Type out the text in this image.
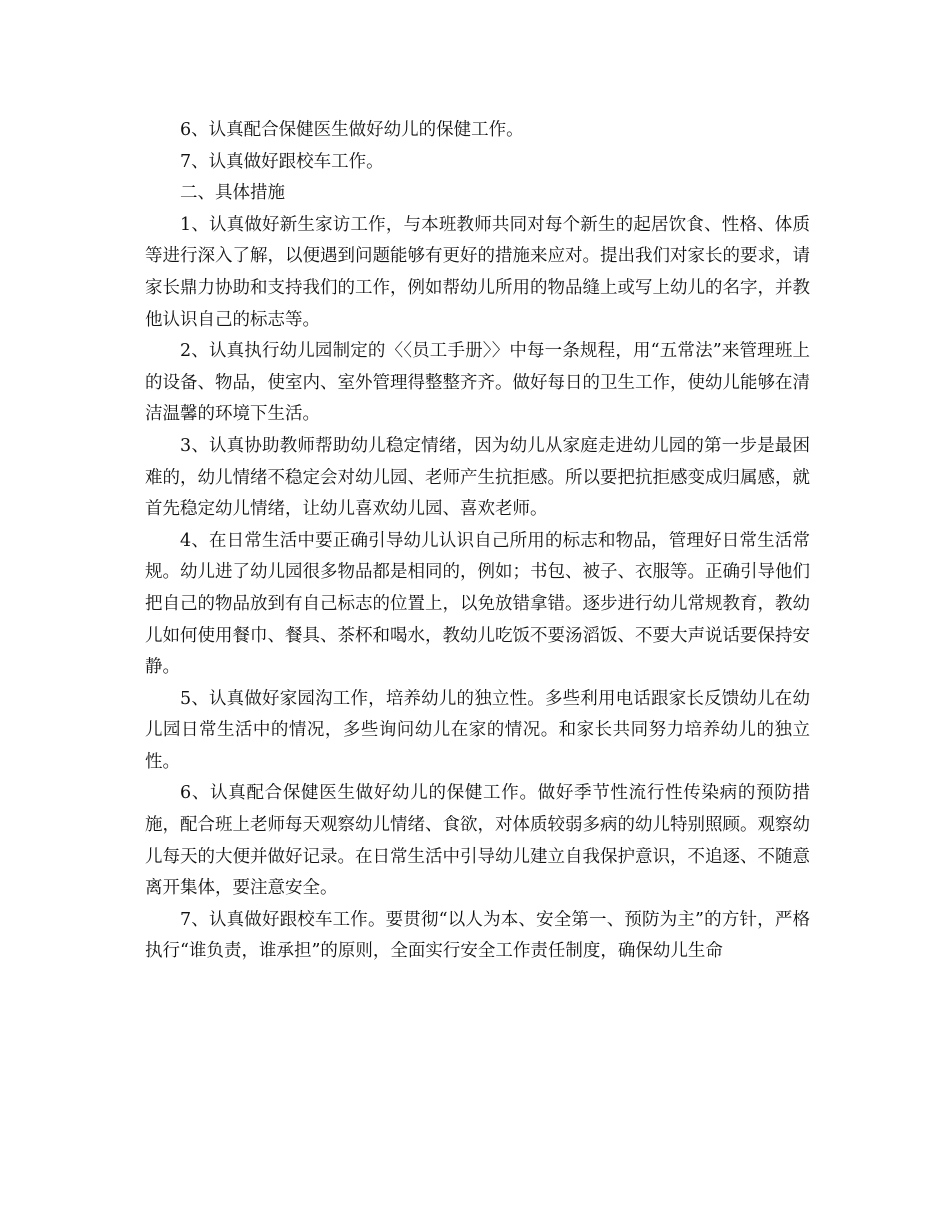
6、认真配合保健医生做好幼儿的保健工作。

7、认真做好跟校车工作。

二、具体措施

1、认真做好新生家访工作，与本班教师共同对每个新生的起居饮食、性格、体质等进行深入了解，以便遇到问题能够有更好的措施来应对。提出我们对家长的要求，请家长鼎力协助和支持我们的工作，例如帮幼儿所用的物品缝上或写上幼儿的名字，并教他认识自己的标志等。

2、认真执行幼儿园制定的〈〈员工手册〉〉中每一条规程，用“五常法”来管理班上的设备、物品，使室内、室外管理得整整齐齐。做好每日的卫生工作，使幼儿能够在清洁温馨的环境下生活。

3、认真协助教师帮助幼儿稳定情绪，因为幼儿从家庭走进幼儿园的第一步是最困难的，幼儿情绪不稳定会对幼儿园、老师产生抗拒感。所以要把抗拒感变成归属感，就首先稳定幼儿情绪，让幼儿喜欢幼儿园、喜欢老师。

4、在日常生活中要正确引导幼儿认识自己所用的标志和物品，管理好日常生活常规。幼儿进了幼儿园很多物品都是相同的，例如；书包、被子、衣服等。正确引导他们把自己的物品放到有自己标志的位置上，以免放错拿错。逐步进行幼儿常规教育，教幼儿如何使用餐巾、餐具、茶杯和喝水，教幼儿吃饭不要汤滔饭、不要大声说话要保持安静。

5、认真做好家园沟工作，培养幼儿的独立性。多些利用电话跟家长反馈幼儿在幼儿园日常生活中的情况，多些询问幼儿在家的情况。和家长共同努力培养幼儿的独立性。

6、认真配合保健医生做好幼儿的保健工作。做好季节性流行性传染病的预防措施，配合班上老师每天观察幼儿情绪、食欲，对体质较弱多病的幼儿特别照顾。观察幼儿每天的大便并做好记录。在日常生活中引导幼儿建立自我保护意识，不追逐、不随意离开集体，要注意安全。

7、认真做好跟校车工作。要贯彻“以人为本、安全第一、预防为主”的方针，严格执行“谁负责，谁承担”的原则，全面实行安全工作责任制度，确保幼儿生命
